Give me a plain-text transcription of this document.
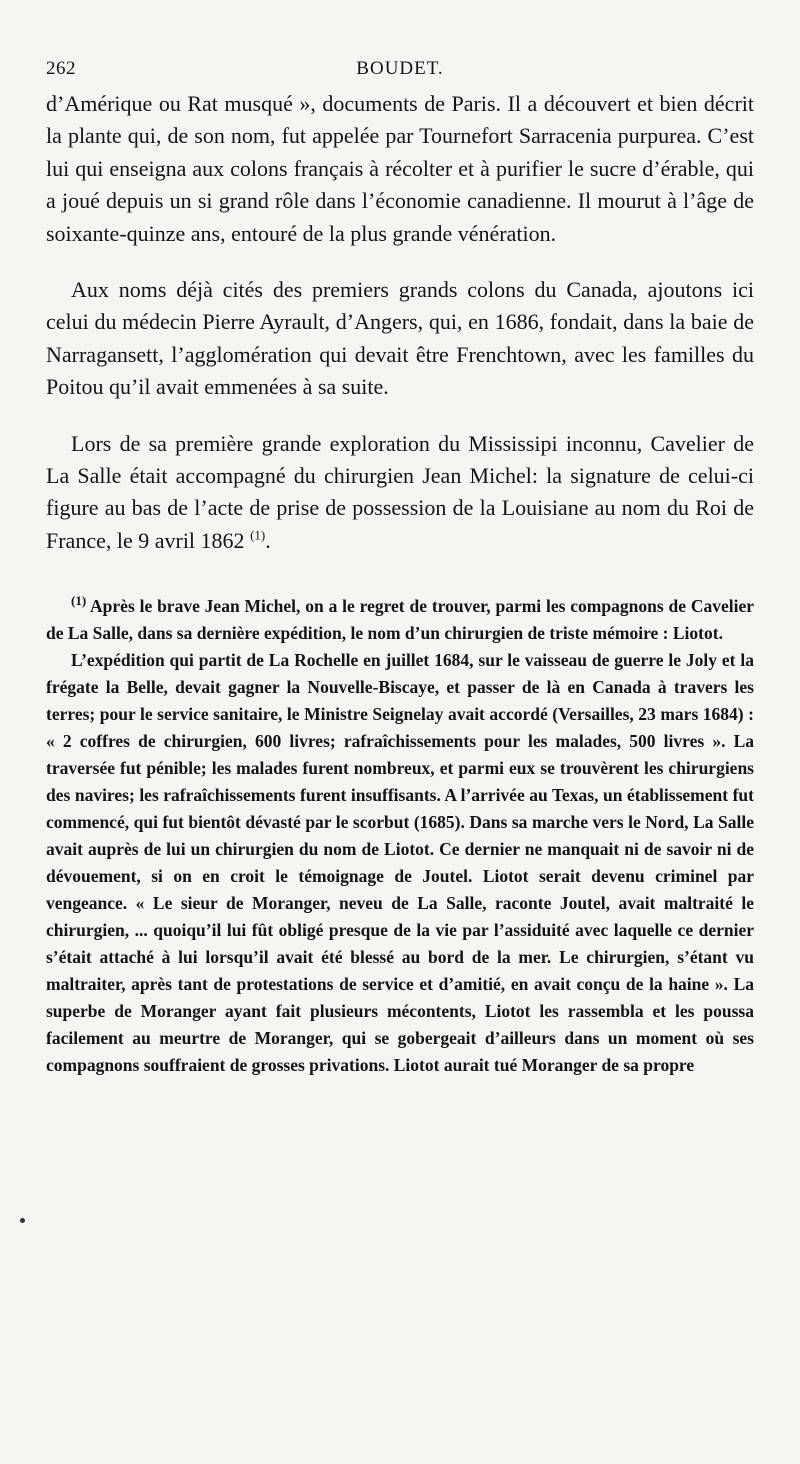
262	BOUDET.

d’Amérique ou Rat musqué », documents de Paris. Il a découvert et bien décrit la plante qui, de son nom, fut appelée par Tournefort Sarracenia purpurea. C’est lui qui enseigna aux colons français à récolter et à purifier le sucre d’érable, qui a joué depuis un si grand rôle dans l’économie canadienne. Il mourut à l’âge de soixante-quinze ans, entouré de la plus grande vénération.

Aux noms déjà cités des premiers grands colons du Canada, ajoutons ici celui du médecin Pierre Ayrault, d’Angers, qui, en 1686, fondait, dans la baie de Narragansett, l’agglomération qui devait être Frenchtown, avec les familles du Poitou qu’il avait emmenées à sa suite.

Lors de sa première grande exploration du Mississipi inconnu, Cavelier de La Salle était accompagné du chirurgien Jean Michel: la signature de celui-ci figure au bas de l’acte de prise de possession de la Louisiane au nom du Roi de France, le 9 avril 1862 $^{(1)}$.

$^{(1)}$ Après le brave Jean Michel, on a le regret de trouver, parmi les compagnons de Cavelier de La Salle, dans sa dernière expédition, le nom d’un chirurgien de triste mémoire : Liotot.

L’expédition qui partit de La Rochelle en juillet 1684, sur le vaisseau de guerre le Joly et la frégate la Belle, devait gagner la Nouvelle-Biscaye, et passer de là en Canada à travers les terres; pour le service sanitaire, le Ministre Seignelay avait accordé (Versailles, 23 mars 1684) : « 2 coffres de chirurgien, 600 livres; rafraîchissements pour les malades, 500 livres ». La traversée fut pénible; les malades furent nombreux, et parmi eux se trouvèrent les chirurgiens des navires; les rafraîchissements furent insuffisants. A l’arrivée au Texas, un établissement fut commencé, qui fut bientôt dévasté par le scorbut (1685). Dans sa marche vers le Nord, La Salle avait auprès de lui un chirurgien du nom de Liotot. Ce dernier ne manquait ni de savoir ni de dévouement, si on en croit le témoignage de Joutel. Liotot serait devenu criminel par vengeance. « Le sieur de Moranger, neveu de La Salle, raconte Joutel, avait maltraité le chirurgien, ... quoiqu’il lui fût obligé presque de la vie par l’assiduité avec laquelle ce dernier s’était attaché à lui lorsqu’il avait été blessé au bord de la mer. Le chirurgien, s’étant vu maltraiter, après tant de protestations de service et d’amitié, en avait conçu de la haine ». La superbe de Moranger ayant fait plusieurs mécontents, Liotot les rassembla et les poussa facilement au meurtre de Moranger, qui se gobergeait d’ailleurs dans un moment où ses compagnons souffraient de grosses privations. Liotot aurait tué Moranger de sa propre
